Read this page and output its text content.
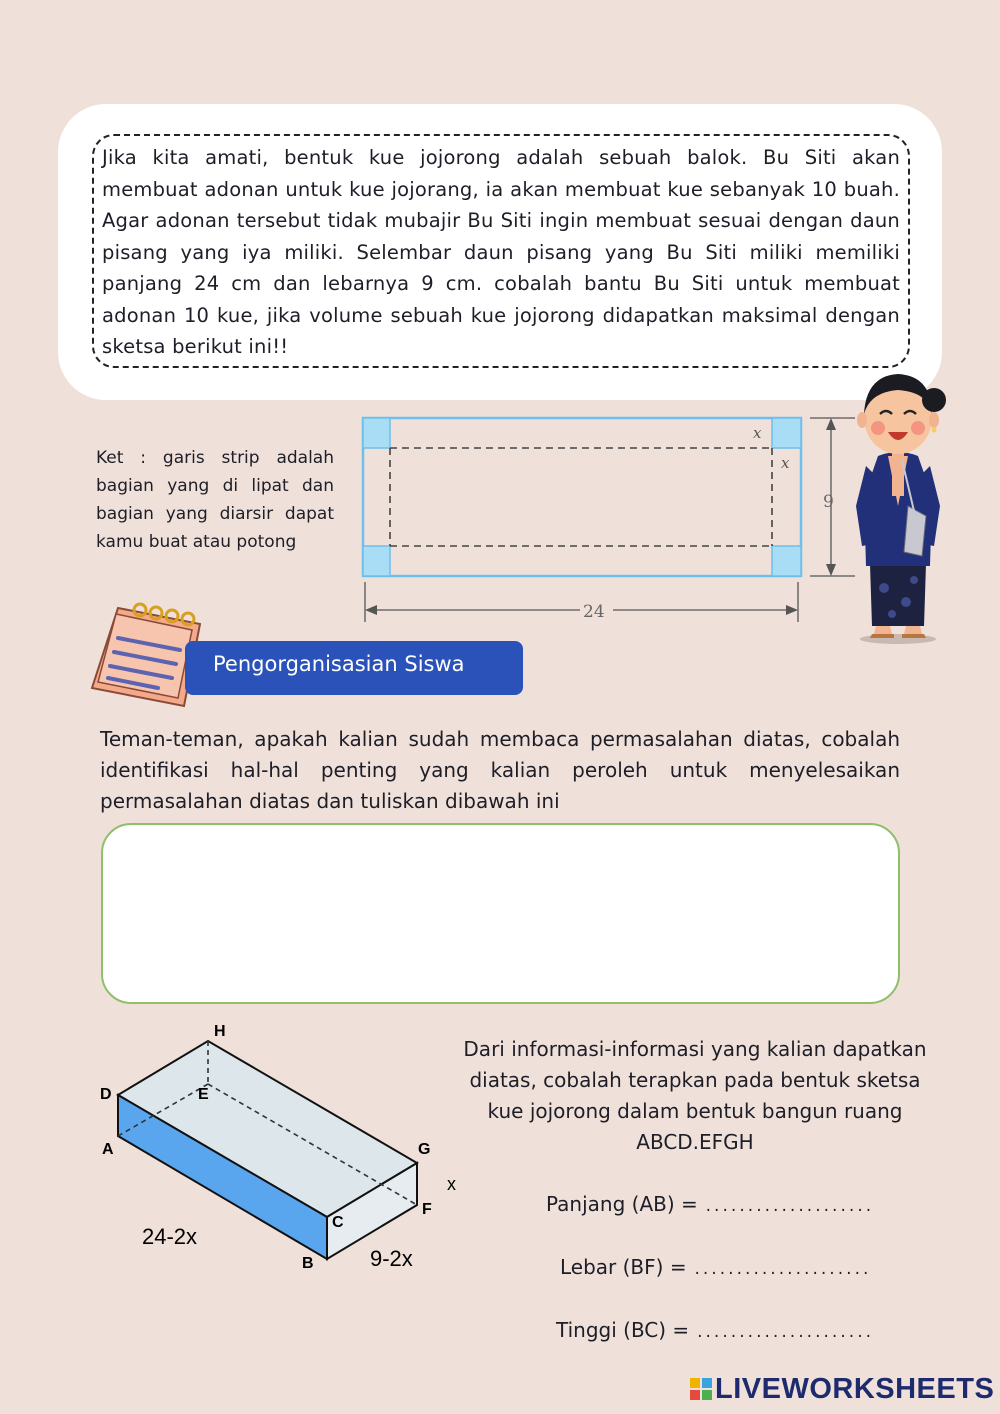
Jika kita amati, bentuk kue jojorong adalah sebuah balok. Bu Siti akan membuat adonan untuk kue jojorang, ia akan membuat kue sebanyak 10 buah. Agar adonan tersebut tidak mubajir Bu Siti ingin membuat sesuai dengan daun pisang yang iya miliki. Selembar daun pisang yang Bu Siti miliki memiliki panjang 24 cm dan lebarnya 9 cm. cobalah bantu Bu Siti untuk membuat adonan 10 kue, jika volume sebuah kue jojorong didapatkan maksimal dengan sketsa berikut ini!!

Ket : garis strip adalah bagian yang di lipat dan bagian yang diarsir dapat kamu buat atau potong

x
x
9
24
Pengorganisasian Siswa

Teman-teman, apakah kalian sudah membaca permasalahan diatas, cobalah identifikasi hal-hal penting yang kalian peroleh untuk menyelesaikan permasalahan diatas dan tuliskan dibawah ini

H
D	E
A	G
F
C
B
24-2x
9-2x
x

Dari informasi-informasi yang kalian dapatkan diatas, cobalah terapkan pada bentuk sketsa kue jojorong dalam bentuk bangun ruang ABCD.EFGH

Panjang (AB) = ....................
Lebar (BF) = .....................
Tinggi (BC) = .....................
LIVEWORKSHEETS
